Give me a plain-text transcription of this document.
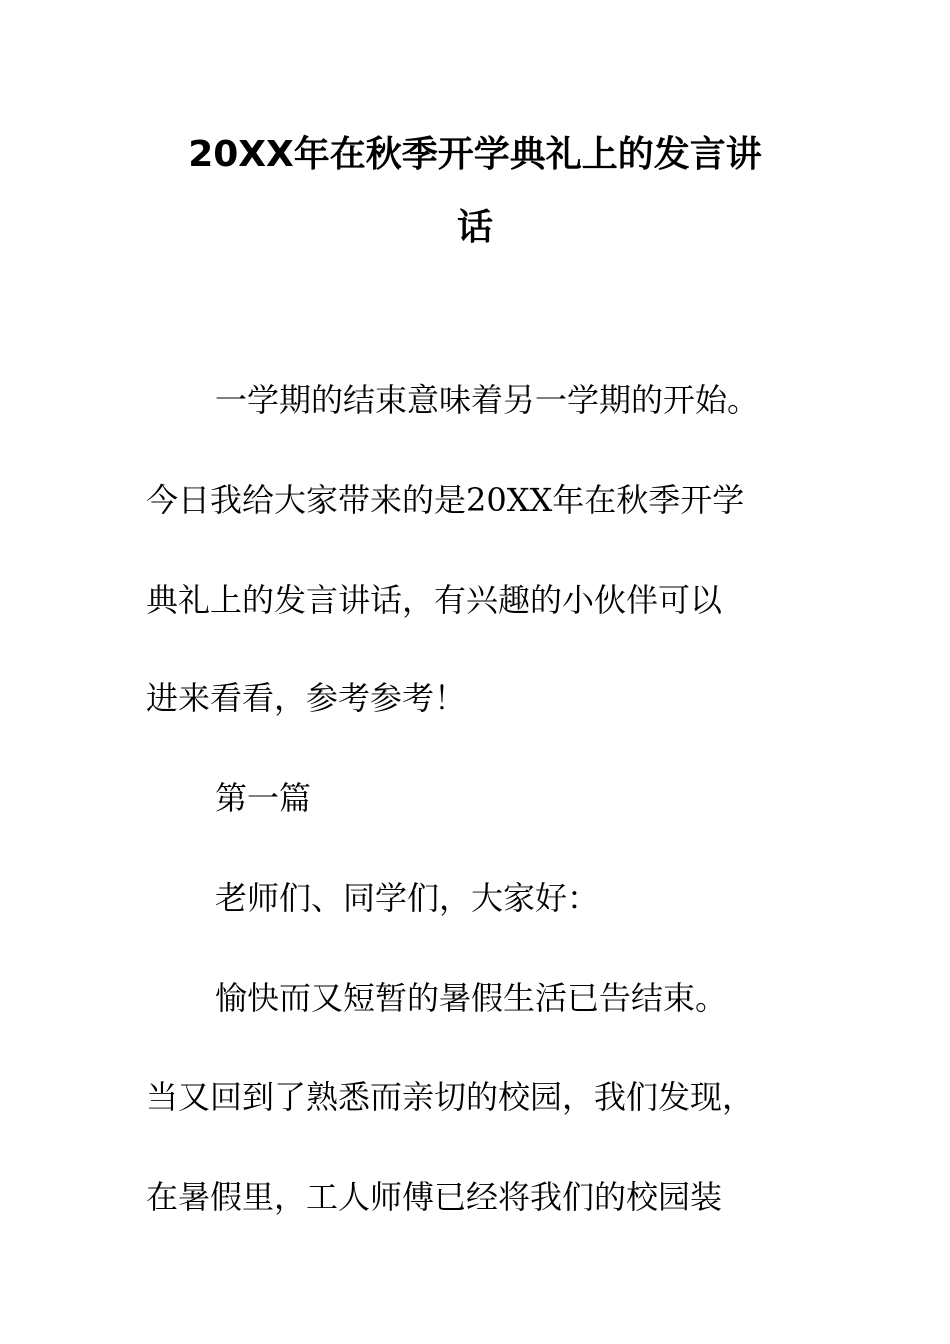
20XX年在秋季开学典礼上的发言讲
话
一学期的结束意味着另一学期的开始。
今日我给大家带来的是20XX年在秋季开学
典礼上的发言讲话，有兴趣的小伙伴可以
进来看看，参考参考！
第一篇
老师们、同学们，大家好：
愉快而又短暂的暑假生活已告结束。
当又回到了熟悉而亲切的校园，我们发现，
在暑假里，工人师傅已经将我们的校园装
